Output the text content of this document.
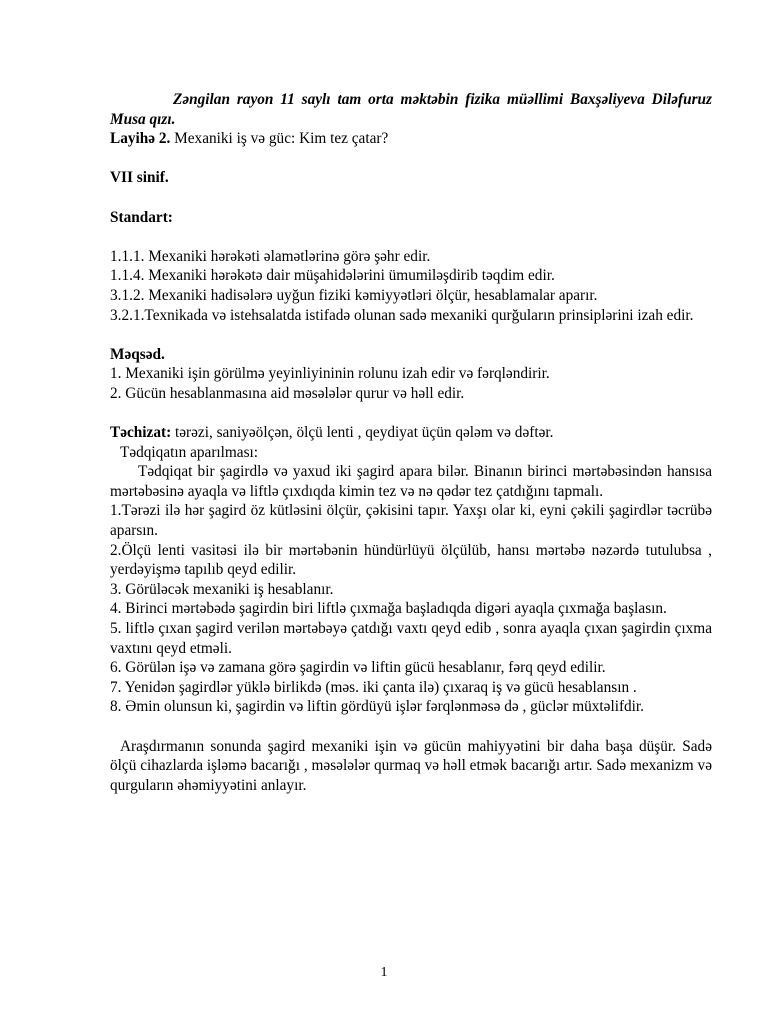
Zəngilan rayon 11 saylı tam orta məktəbin fizika müəllimi Baxşəliyeva Diləfuruz Musa qızı.

Layihə 2. Mexaniki iş və güc: Kim tez çatar?

VII sinif.

Standart:

1.1.1. Mexaniki hərəkəti əlamətlərinə görə şəhr edir.

1.1.4. Mexaniki hərəkətə dair müşahidələrini ümumiləşdirib təqdim edir.

3.1.2. Mexaniki hadisələrə uyğun fiziki kəmiyyətləri ölçür, hesablamalar aparır.

3.2.1.Texnikada və istehsalatda istifadə olunan sadə mexaniki qurğuların prinsiplərini izah edir.

Məqsəd.

1. Mexaniki işin görülmə yeyinliyininin rolunu izah edir və fərqləndirir.

2. Gücün hesablanmasına aid məsələlər qurur və həll edir.

Təchizat: tərəzi, saniyəölçən, ölçü lenti , qeydiyat üçün qələm və dəftər.

Tədqiqatın aparılması:

Tədqiqat bir şagirdlə və yaxud iki şagird apara bilər. Binanın birinci mərtəbəsindən hansısa mərtəbəsinə ayaqla və liftlə çıxdıqda kimin tez və nə qədər tez çatdığını tapmalı.

1.Tərəzi ilə hər şagird öz kütləsini ölçür, çəkisini tapır. Yaxşı olar ki, eyni çəkili şagirdlər təcrübə aparsın.

2.Ölçü lenti vasitəsi ilə bir mərtəbənin hündürlüyü ölçülüb, hansı mərtəbə nəzərdə tutulubsa , yerdəyişmə tapılıb qeyd edilir.

3. Görüləcək mexaniki iş hesablanır.

4. Birinci mərtəbədə şagirdin biri liftlə çıxmağa başladıqda digəri ayaqla çıxmağa başlasın.

5. liftlə çıxan şagird verilən mərtəbəyə çatdığı vaxtı qeyd edib , sonra ayaqla çıxan şagirdin çıxma vaxtını qeyd etməli.

6. Görülən işə və zamana görə şagirdin və liftin gücü hesablanır, fərq qeyd edilir.

7. Yenidən şagirdlər yüklə birlikdə (məs. iki çanta ilə) çıxaraq iş və gücü hesablansın .

8. Əmin olunsun ki, şagirdin və liftin gördüyü işlər fərqlənməsə də , güclər müxtəlifdir.

Araşdırmanın sonunda şagird mexaniki işin və gücün mahiyyətini bir daha başa düşür. Sadə ölçü cihazlarda işləmə bacarığı , məsələlər qurmaq və həll etmək bacarığı artır. Sadə mexanizm və qurguların əhəmiyyətini anlayır.

1
